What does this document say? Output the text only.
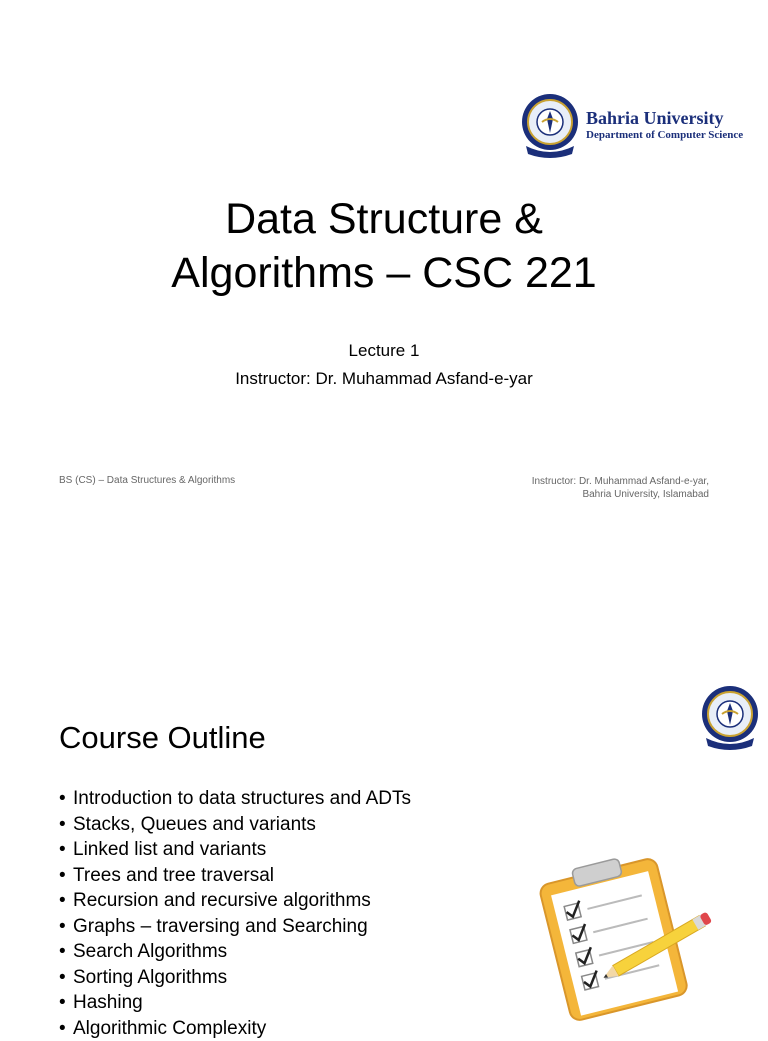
Bahria University
Department of Computer Science
Data Structure &
Algorithms – CSC 221
Lecture 1
Instructor: Dr. Muhammad Asfand-e-yar
BS (CS) – Data Structures & Algorithms	Instructor: Dr. Muhammad Asfand-e-yar,
Bahria University, Islamabad
Course Outline
• Introduction to data structures and ADTs
• Stacks, Queues and variants
• Linked list and variants
• Trees and tree traversal
• Recursion and recursive algorithms
• Graphs – traversing and Searching
• Search Algorithms
• Sorting Algorithms
• Hashing
• Algorithmic Complexity
